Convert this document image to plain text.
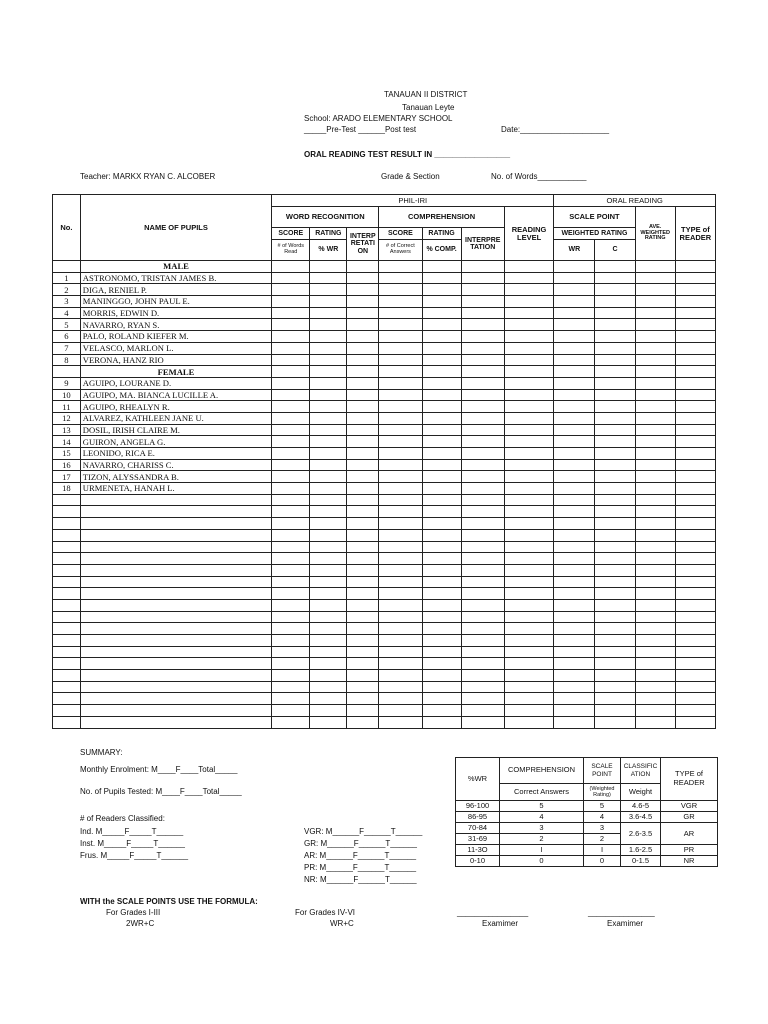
TANAUAN II DISTRICT
Tanauan Leyte
School: ARADO ELEMENTARY SCHOOL
_____Pre-Test ______Post test	Date:____________________
ORAL READING TEST RESULT IN _________________
Teacher: MARKX RYAN C. ALCOBER	Grade & Section	No. of Words___________
No.	NAME OF PUPILS	PHIL-IRI							ORAL READING			
		WORD RECOGNITION			COMPREHENSION			READING LEVEL	SCALE POINT		AVE. WEIGHTED RATING	TYPE of READER
		SCORE	RATING	INTERP RETATI ON	SCORE	RATING	INTERPRE TATION		WEIGHTED RATING			
		# of Words Read	% WR		# of Correct Answers	% COMP.			WR	C		
	MALE											
1	ASTRONOMO, TRISTAN JAMES B.											
2	DIGA, RENIEL P.											
3	MANINGGO, JOHN PAUL E.											
4	MORRIS, EDWIN D.											
5	NAVARRO, RYAN S.											
6	PALO, ROLAND KIEFER M.											
7	VELASCO, MARLON L.											
8	VERONA, HANZ RIO											
	FEMALE											
9	AGUIPO, LOURANE D.											
10	AGUIPO, MA. BIANCA LUCILLE A.											
11	AGUIPO, RHEALYN R.											
12	ALVAREZ, KATHLEEN JANE U.											
13	DOSIL, IRISH CLAIRE M.											
14	GUIRON, ANGELA G.											
15	LEONIDO, RICA E.											
16	NAVARRO, CHARISS C.											
17	TIZON, ALYSSANDRA B.											
18	URMENETA, HANAH L.											

SUMMARY:
Monthly Enrolment: M____F____Total_____
No. of Pupils Tested: M____F____Total_____
# of Readers Classified:
Ind. M_____F_____T______
Inst. M_____F_____T______
Frus. M_____F_____T______
VGR: M______F______T______
GR: M______F______T______
AR: M______F______T______
PR: M______F______T______
NR: M______F______T______
%WR	COMPREHENSION	SCALE POINT	CLASSIFIC ATION	TYPE of READER
	Correct Answers	(Weighted Rating)	Weight	
96-100	5	5	4.6-5	VGR
86-95	4	4	3.6-4.5	GR
70-84	3	3	2.6-3.5	AR
31-69	2	2		
11-3O	I	I	1.6-2.5	PR
0-10	0	0	0-1.5	NR
WITH the SCALE POINTS USE THE FORMULA:
For Grades I-III
2WR+C
For Grades IV-VI
WR+C
________________
Examimer
_______________
Examimer
